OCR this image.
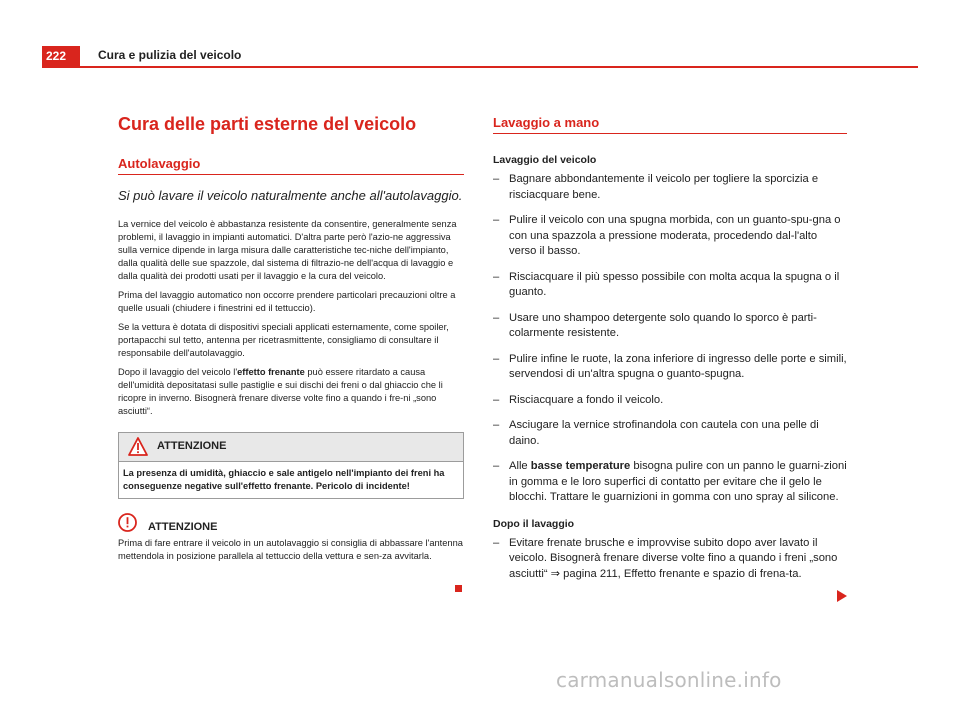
222	Cura e pulizia del veicolo
Cura delle parti esterne del veicolo
Autolavaggio

Si può lavare il veicolo naturalmente anche all'autolavaggio.

La vernice del veicolo è abbastanza resistente da consentire, generalmente senza problemi, il lavaggio in impianti automatici. D'altra parte però l'azio-ne aggressiva sulla vernice dipende in larga misura dalle caratteristiche tec-niche dell'impianto, dalla qualità delle sue spazzole, dal sistema di filtrazio-ne dell'acqua di lavaggio e dalla qualità dei prodotti usati per il lavaggio e la cura del veicolo.

Prima del lavaggio automatico non occorre prendere particolari precauzioni oltre a quelle usuali (chiudere i finestrini ed il tettuccio).

Se la vettura è dotata di dispositivi speciali applicati esternamente, come spoiler, portapacchi sul tetto, antenna per ricetrasmittente, consigliamo di consultare il responsabile dell'autolavaggio.

Dopo il lavaggio del veicolo l'effetto frenante può essere ritardato a causa dell'umidità depositatasi sulle pastiglie e sui dischi dei freni o dal ghiaccio che li ricopre in inverno. Bisognerà frenare diverse volte fino a quando i fre-ni „sono asciutti“.

ATTENZIONE
La presenza di umidità, ghiaccio e sale antigelo nell'impianto dei freni ha conseguenze negative sull'effetto frenante. Pericolo di incidente!
ATTENZIONE
Prima di fare entrare il veicolo in un autolavaggio si consiglia di abbassare l'antenna mettendola in posizione parallela al tettuccio della vettura e sen-za avvitarla.
Lavaggio a mano
Lavaggio del veicolo
– Bagnare abbondantemente il veicolo per togliere la sporcizia e risciacquare bene.
– Pulire il veicolo con una spugna morbida, con un guanto-spu-gna o con una spazzola a pressione moderata, procedendo dal-l'alto verso il basso.
– Risciacquare il più spesso possibile con molta acqua la spugna o il guanto.
– Usare uno shampoo detergente solo quando lo sporco è parti-colarmente resistente.
– Pulire infine le ruote, la zona inferiore di ingresso delle porte e simili, servendosi di un'altra spugna o guanto-spugna.
– Risciacquare a fondo il veicolo.
– Asciugare la vernice strofinandola con cautela con una pelle di daino.
– Alle basse temperature bisogna pulire con un panno le guarni-zioni in gomma e le loro superfici di contatto per evitare che il gelo le blocchi. Trattare le guarnizioni in gomma con uno spray al silicone.
Dopo il lavaggio
– Evitare frenate brusche e improvvise subito dopo aver lavato il veicolo. Bisognerà frenare diverse volte fino a quando i freni „sono asciutti“ ⇒ pagina 211, Effetto frenante e spazio di frena-ta.
carmanualsonline.info
